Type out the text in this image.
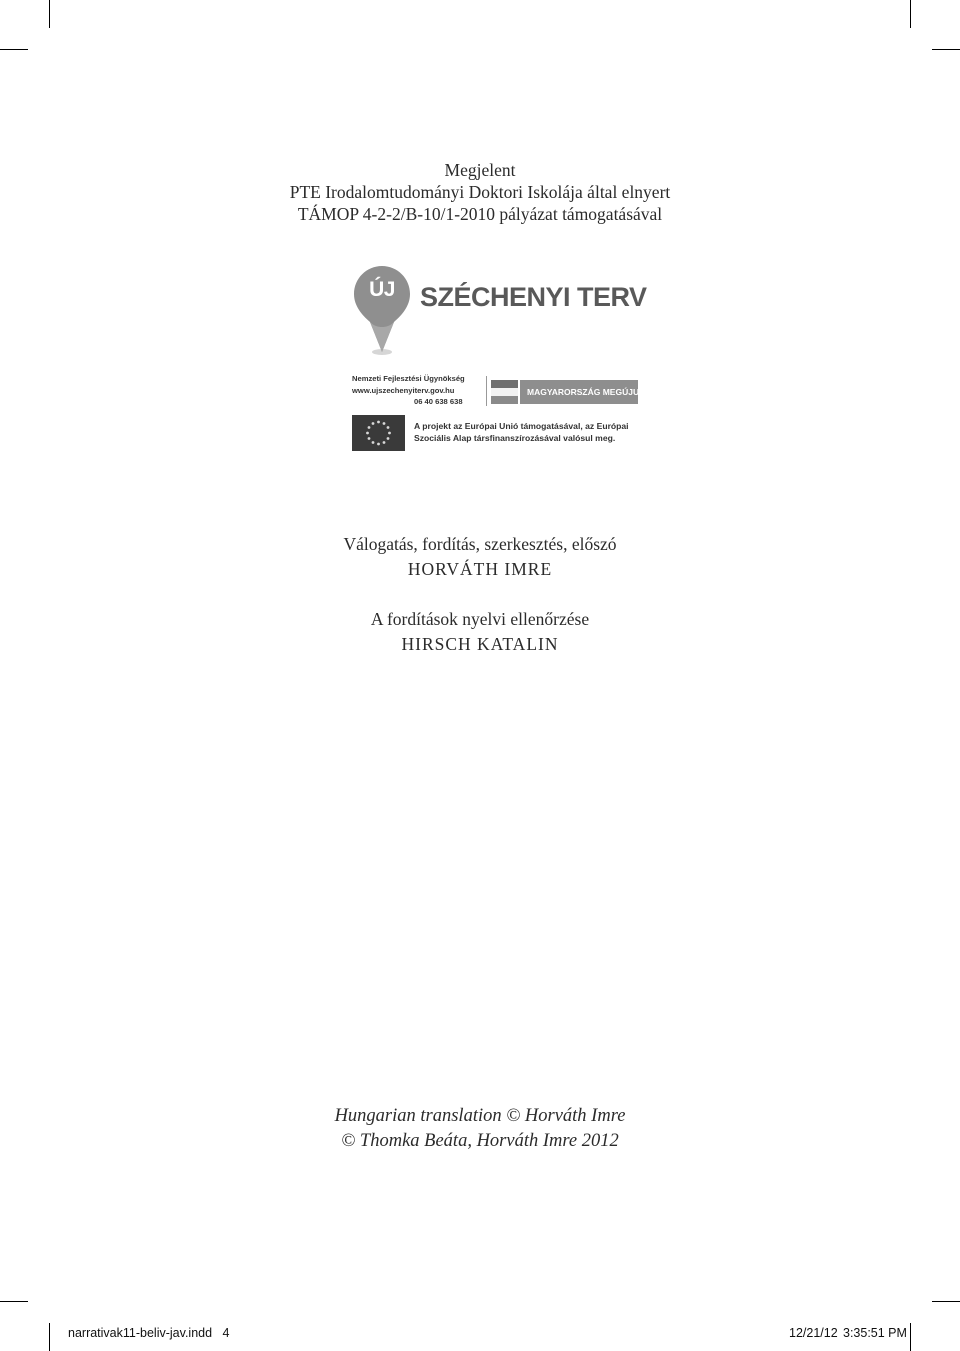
Megjelent
PTE Irodalomtudományi Doktori Iskolája által elnyert
TÁMOP 4-2-2/B-10/1-2010 pályázat támogatásával
ÚJ SZÉCHENYI TERV
Nemzeti Fejlesztési Ügynökség
www.ujszechenyiterv.gov.hu
06 40 638 638
MAGYARORSZÁG MEGÚJUL
A projekt az Európai Unió támogatásával, az Európai
Szociális Alap társfinanszírozásával valósul meg.
Válogatás, fordítás, szerkesztés, előszó
HORVÁTH IMRE
A fordítások nyelvi ellenőrzése
HIRSCH KATALIN
Hungarian translation © Horváth Imre
© Thomka Beáta, Horváth Imre 2012
narrativak11-beliv-jav.indd   4	12/21/12 3:35:51 PM
